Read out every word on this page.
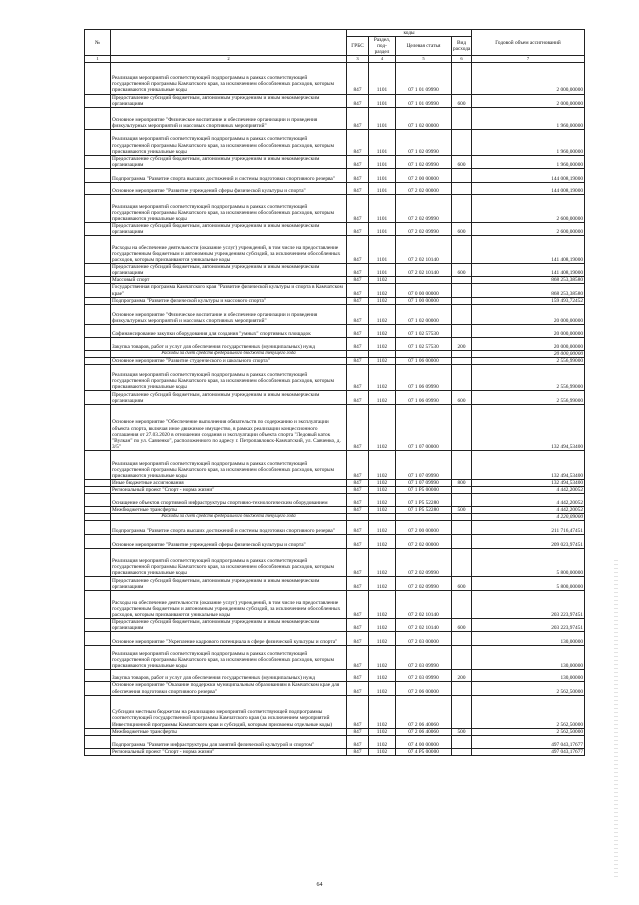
№		коды				Годовой объем ассигнований
		ГРБС	Раздел, под-раздел	Целевая статья	Вид расхода	
1	2	3	4	5	6	7
	Реализация мероприятий соответствующей подпрограммы в рамках соответствующей государственной программы Камчатского края, за исключением обособленных расходов, которым присваиваются уникальные коды	847	1101	07 1 01 09990		2 000,00000
	Предоставление субсидий бюджетным, автономным учреждениям и иным некоммерческим организациям	847	1101	07 1 01 09990	600	2 000,00000
	Основное мероприятие "Физическое воспитание и обеспечение организации и проведения физкультурных мероприятий и массовых спортивных мероприятий"	847	1101	07 1 02 00000		1 960,00000
	Реализация мероприятий соответствующей подпрограммы в рамках соответствующей государственной программы Камчатского края, за исключением обособленных расходов, которым присваиваются уникальные коды	847	1101	07 1 02 09990		1 960,00000
	Предоставление субсидий бюджетным, автономным учреждениям и иным некоммерческим организациям	847	1101	07 1 02 09990	600	1 960,00000
	Подпрограмма "Развитие спорта высших достижений и системы подготовки спортивного резерва"	847	1101	07 2 00 00000		144 008,19000
	Основное мероприятие "Развитие учреждений сферы физической культуры и спорта"	847	1101	07 2 02 00000		144 008,19000
	Реализация мероприятий соответствующей подпрограммы в рамках соответствующей государственной программы Камчатского края, за исключением обособленных расходов, которым присваиваются уникальные коды	847	1101	07 2 02 09990		2 600,00000
	Предоставление субсидий бюджетным, автономным учреждениям и иным некоммерческим организациям	847	1101	07 2 02 09990	600	2 600,00000
	Расходы на обеспечение деятельности (оказание услуг) учреждений, в том числе на предоставление государственным бюджетным и автономным учреждениям субсидий, за исключением обособленных расходов, которым присваиваются уникальные коды	847	1101	07 2 02 10140		141 408,19000
	Предоставление субсидий бюджетным, автономным учреждениям и иным некоммерческим организациям	847	1101	07 2 02 10140	600	141 408,19000
	Массовый спорт	847	1102			868 253,38580
	Государственная программа Камчатского края "Развитие физической культуры и спорта в Камчатском крае"	847	1102	07 0 00 00000		868 253,38580
	Подпрограмма "Развитие физической культуры и массового спорта"	847	1102	07 1 00 00000		159 493,72452
	Основное мероприятие "Физическое воспитание и обеспечение организации и проведения физкультурных мероприятий и массовых спортивных мероприятий"	847	1102	07 1 02 00000		20 000,00000
	Софинансирование закупки оборудования для создания "умных" спортивных площадок	847	1102	07 1 02 57530		20 000,00000
	Закупка товаров, работ и услуг для обеспечения государственных (муниципальных) нужд	847	1102	07 1 02 57530	200	20 000,00000
	Расходы за счет средств федерального бюджета текущего года					20 000,00000
	Основное мероприятие "Развитие студенческого и школьного спорта"	847	1102	07 1 06 00000		2 556,99000
	Реализация мероприятий соответствующей подпрограммы в рамках соответствующей государственной программы Камчатского края, за исключением обособленных расходов, которым присваиваются уникальные коды	847	1102	07 1 06 09990		2 556,99000
	Предоставление субсидий бюджетным, автономным учреждениям и иным некоммерческим организациям	847	1102	07 1 06 09990	600	2 556,99000
	Основное мероприятие "Обеспечение выполнения обязательств по содержанию и эксплуатации объекта спорта, включая иное движимое имущество, в рамках реализации концессионного соглашения от 27.03.2020 в отношении создания и эксплуатации объекта спорта "Ледовый каток "Вулкан" по ул. Савченко", расположенного по адресу г. Петропавловск-Камчатский, ул. Савченко, д. 3/5"	847	1102	07 1 07 00000		132 494,53400
	Реализация мероприятий соответствующей подпрограммы в рамках соответствующей государственной программы Камчатского края, за исключением обособленных расходов, которым присваиваются уникальные коды	847	1102	07 1 07 09990		132 494,53400
	Иные бюджетные ассигнования	847	1102	07 1 07 09990	800	132 494,53400
	Региональный проект "Спорт - норма жизни"	847	1102	07 1 P5 00000		4 442,20052
	Оснащение объектов спортивной инфраструктуры спортивно-технологическим оборудованием	847	1102	07 1 P5 52280		4 442,20052
	Межбюджетные трансферты	847	1102	07 1 P5 52280	500	4 442,20052
	Расходы за счет средств федерального бюджета текущего года					4 220,09000
	Подпрограмма "Развитие спорта высших достижений и системы подготовки спортивного резерва"	847	1102	07 2 00 00000		211 716,47451
	Основное мероприятие "Развитие учреждений сферы физической культуры и спорта"	847	1102	07 2 02 00000		209 023,97451
	Реализация мероприятий соответствующей подпрограммы в рамках соответствующей государственной программы Камчатского края, за исключением обособленных расходов, которым присваиваются уникальные коды	847	1102	07 2 02 09990		5 800,00000
	Предоставление субсидий бюджетным, автономным учреждениям и иным некоммерческим организациям	847	1102	07 2 02 09990	600	5 800,00000
	Расходы на обеспечение деятельности (оказание услуг) учреждений, в том числе на предоставление государственным бюджетным и автономным учреждениям субсидий, за исключением обособленных расходов, которым присваиваются уникальные коды	847	1102	07 2 02 10140		203 223,97451
	Предоставление субсидий бюджетным, автономным учреждениям и иным некоммерческим организациям	847	1102	07 2 02 10140	600	203 223,97451
	Основное мероприятие "Укрепление кадрового потенциала в сфере физической культуры и спорта"	847	1102	07 2 03 00000		130,00000
	Реализация мероприятий соответствующей подпрограммы в рамках соответствующей государственной программы Камчатского края, за исключением обособленных расходов, которым присваиваются уникальные коды	847	1102	07 2 03 09990		130,00000
	Закупка товаров, работ и услуг для обеспечения государственных (муниципальных) нужд	847	1102	07 2 03 09990	200	130,00000
	Основное мероприятие "Оказание поддержки муниципальным образованиям в Камчатском крае для обеспечения подготовки спортивного резерва"	847	1102	07 2 06 00000		2 562,50000
	Субсидии местным бюджетам на реализацию мероприятий соответствующей подпрограммы соответствующей государственной программы Камчатского края (за исключением мероприятий Инвестиционной программы Камчатского края и субсидий, которым присвоены отдельные коды)	847	1102	07 2 06 40060		2 562,50000
	Межбюджетные трансферты	847	1102	07 2 06 40060	500	2 562,50000
	Подпрограмма "Развитие инфраструктуры для занятий физической культурой и спортом"	847	1102	07 4 00 00000		497 043,17677
	Региональный проект "Спорт - норма жизни"	847	1102	07 4 P5 00000		497 043,17677
64
